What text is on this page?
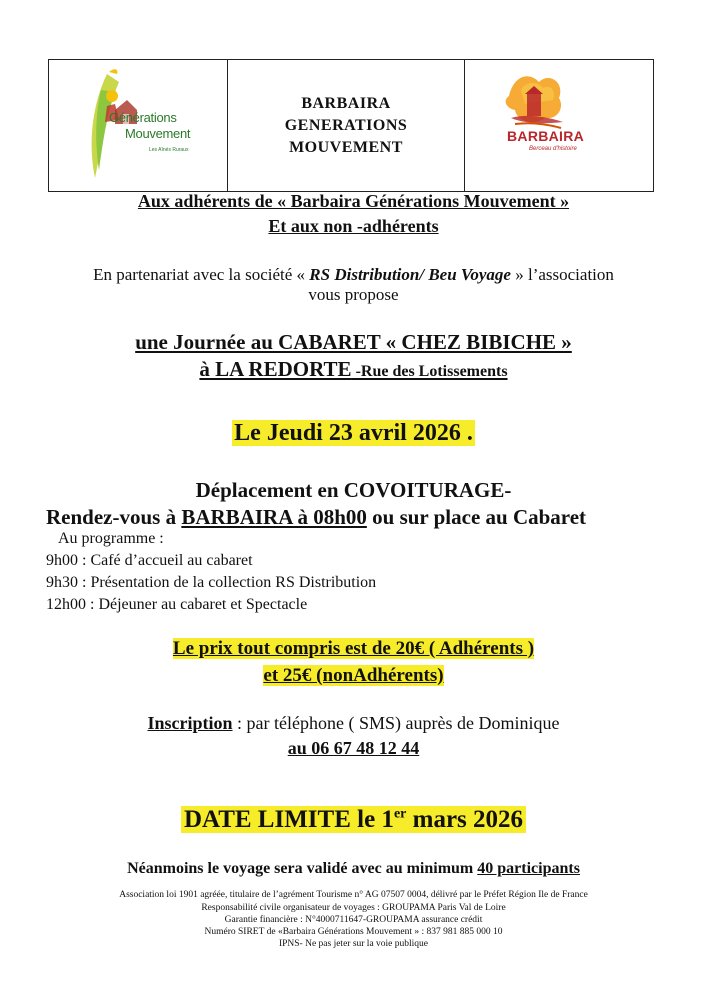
Générations
Mouvement
Les Aînés Ruraux
BARBAIRA
GENERATIONS
MOUVEMENT
BARBAIRA
Berceau d'histoire
Aux adhérents de « Barbaira Générations Mouvement »
Et aux non -adhérents
En partenariat avec la société « RS Distribution/ Beu Voyage » l’association
vous propose
une Journée au CABARET « CHEZ BIBICHE »
à LA REDORTE -Rue des Lotissements
Le Jeudi 23 avril 2026 .
Déplacement en COVOITURAGE-
Rendez-vous à BARBAIRA à 08h00 ou sur place au Cabaret
Au programme :
9h00 : Café d’accueil au cabaret
9h30 : Présentation de la collection RS Distribution
12h00 : Déjeuner au cabaret et Spectacle
Le prix tout compris est de 20€ ( Adhérents )
et 25€ (nonAdhérents)
Inscription : par téléphone ( SMS) auprès de Dominique
au 06 67 48 12 44
DATE LIMITE le 1er mars 2026
Néanmoins le voyage sera validé avec au minimum 40 participants
Association loi 1901 agréée, titulaire de l’agrément Tourisme n° AG 07507 0004, délivré par le Préfet Région Ile de France
Responsabilité civile organisateur de voyages : GROUPAMA Paris Val de Loire
Garantie financière : N°4000711647-GROUPAMA assurance crédit
Numéro SIRET de «Barbaira Générations Mouvement » : 837 981 885 000 10
IPNS- Ne pas jeter sur la voie publique
